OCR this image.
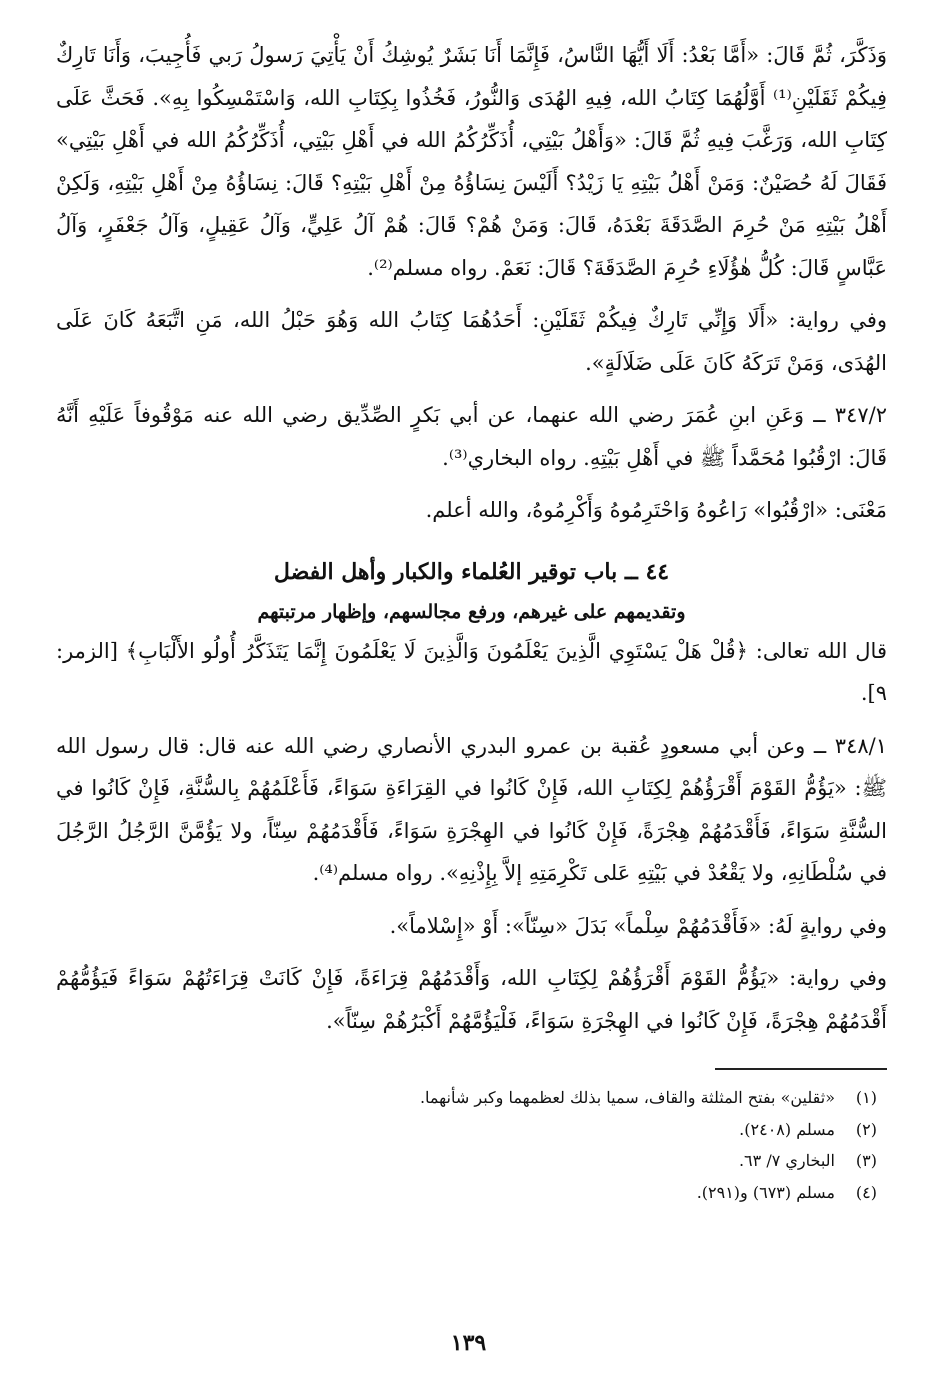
وَذَكَّرَ، ثُمَّ قَالَ: «أَمَّا بَعْدُ: أَلَا أَيُّهَا النَّاسُ، فَإِنَّمَا أَنَا بَشَرٌ يُوشِكُ أَنْ يَأْتِيَ رَسولُ رَبي فَأُجِيبَ، وَأَنَا تَارِكٌ فِيكُمْ ثَقَلَيْنِ⁽¹⁾ أَوَّلُهُمَا كِتَابُ الله، فِيهِ الهُدَى وَالنُّورُ، فَخُذُوا بِكِتَابِ الله، وَاسْتَمْسِكُوا بِهِ». فَحَثَّ عَلَى كِتَابِ الله، وَرَغَّبَ فِيهِ ثُمَّ قَالَ: «وَأَهْلُ بَيْتِي، أُذَكِّرُكُمُ الله في أَهْلِ بَيْتِي، أُذَكِّرُكُمُ الله في أَهْلِ بَيْتِي» فَقَالَ لَهُ حُصَيْنٌ: وَمَنْ أَهْلُ بَيْتِهِ يَا زَيْدُ؟ أَلَيْسَ نِسَاؤُهُ مِنْ أَهْلِ بَيْتِهِ؟ قَالَ: نِسَاؤُهُ مِنْ أَهْلِ بَيْتِهِ، وَلَكِنْ أَهْلُ بَيْتِهِ مَنْ حُرِمَ الصَّدَقَةَ بَعْدَهُ، قَالَ: وَمَنْ هُمْ؟ قَالَ: هُمْ آلُ عَلِيٍّ، وَآلُ عَقِيلٍ، وَآلُ جَعْفَرٍ، وَآلُ عَبَّاسٍ قَالَ: كُلُّ هٰؤُلَاءِ حُرِمَ الصَّدَقَةَ؟ قَالَ: نَعَمْ. رواه مسلم⁽²⁾.

وفي رواية: «أَلَا وَإِنِّي تَارِكٌ فِيكُمْ ثَقَلَيْنِ: أَحَدُهُمَا كِتَابُ الله وَهُوَ حَبْلُ الله، مَنِ اتَّبَعَهُ كَانَ عَلَى الهُدَى، وَمَنْ تَرَكَهُ كَانَ عَلَى ضَلَالَةٍ».

٣٤٧/٢ ــ وَعَنِ ابنِ عُمَرَ رضي الله عنهما، عن أبي بَكرٍ الصِّدِّيق رضي الله عنه مَوْقُوفاً عَلَيْهِ أَنَّهُ قَالَ: ارْقُبُوا مُحَمَّداً ﷺ في أَهْلِ بَيْتِهِ. رواه البخاري⁽³⁾.

مَعْنَى: «ارْقُبُوا» رَاعُوهُ وَاحْتَرِمُوهُ وَأَكْرِمُوهُ، والله أعلم.

٤٤ ــ باب توقير العُلماء والكبار وأهل الفضل
وتقديمهم على غيرهم، ورفع مجالسهم، وإظهار مرتبتهم

قال الله تعالى: ﴿قُلْ هَلْ يَسْتَوِي الَّذِينَ يَعْلَمُونَ وَالَّذِينَ لَا يَعْلَمُونَ إِنَّمَا يَتَذَكَّرُ أُولُو الأَلْبَابِ﴾ [الزمر: ٩].

٣٤٨/١ ــ وعن أبي مسعودٍ عُقبة بن عمرو البدري الأنصاري رضي الله عنه قال: قال رسول الله ﷺ: «يَؤُمُّ القَوْمَ أَقْرَؤُهُمْ لِكِتَابِ الله، فَإِنْ كَانُوا في القِرَاءَةِ سَوَاءً، فَأَعْلَمُهُمْ بِالسُّنَّةِ، فَإِنْ كَانُوا في السُّنَّةِ سَوَاءً، فَأَقْدَمُهُمْ هِجْرَةً، فَإِنْ كَانُوا في الهِجْرَةِ سَوَاءً، فَأَقْدَمُهُمْ سِنّاً، ولا يَؤُمَّنَّ الرَّجُلُ الرَّجُلَ في سُلْطَانِهِ، ولا يَقْعُدْ في بَيْتِهِ عَلى تَكْرِمَتِهِ إلاَّ بِإِذْنِهِ». رواه مسلم⁽⁴⁾.

وفي روايةٍ لَهُ: «فَأَقْدَمُهُمْ سِلْماً» بَدَلَ «سِنّاً»: أَوْ «إِسْلاماً».

وفي رواية: «يَؤُمُّ القَوْمَ أَقْرَؤُهُمْ لِكِتَابِ الله، وَأَقْدَمُهُمْ قِرَاءَةً، فَإِنْ كَانَتْ قِرَاءَتُهُمْ سَوَاءً فَيَؤُمُّهُمْ أَقْدَمُهُمْ هِجْرَةً، فَإِنْ كَانُوا في الهِجْرَةِ سَوَاءً، فَلْيَؤُمَّهُمْ أَكْبَرُهُمْ سِنّاً».

(١)
«ثقلين» بفتح المثلثة والقاف، سميا بذلك لعظمهما وكبر شأنهما.
(٢)
مسلم (٢٤٠٨).
(٣)
البخاري ٧/ ٦٣.
(٤)
مسلم (٦٧٣) و(٢٩١).
١٣٩
